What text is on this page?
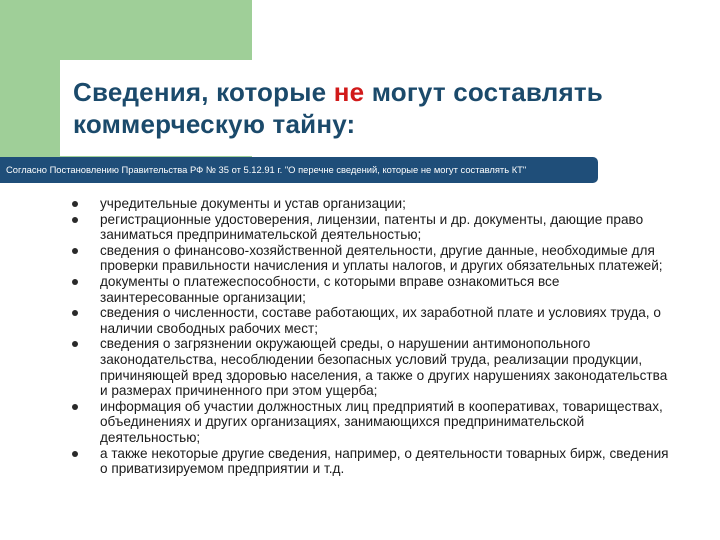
Сведения, которые не могут составлять коммерческую тайну:
Согласно Постановлению Правительства РФ № 35 от 5.12.91 г. "О перечне сведений, которые не могут составлять КТ"
учредительные документы и устав организации;
регистрационные удостоверения, лицензии, патенты и др. документы, дающие право заниматься предпринимательской деятельностью;
сведения о финансово-хозяйственной деятельности, другие данные, необходимые для проверки правильности начисления и уплаты налогов, и других обязательных платежей;
документы о платежеспособности, с которыми вправе ознакомиться все заинтересованные организации;
сведения о численности, составе работающих, их заработной плате и условиях труда, о наличии свободных рабочих мест;
сведения о загрязнении окружающей среды, о нарушении антимонопольного законодательства, несоблюдении безопасных условий труда, реализации продукции, причиняющей вред здоровью населения, а также о других нарушениях законодательства и размерах причиненного при этом ущерба;
информация об участии должностных лиц предприятий в кооперативах, товариществах, объединениях и других организациях, занимающихся предпринимательской деятельностью;
а также некоторые другие сведения, например, о деятельности товарных бирж, сведения о приватизируемом предприятии и т.д.
